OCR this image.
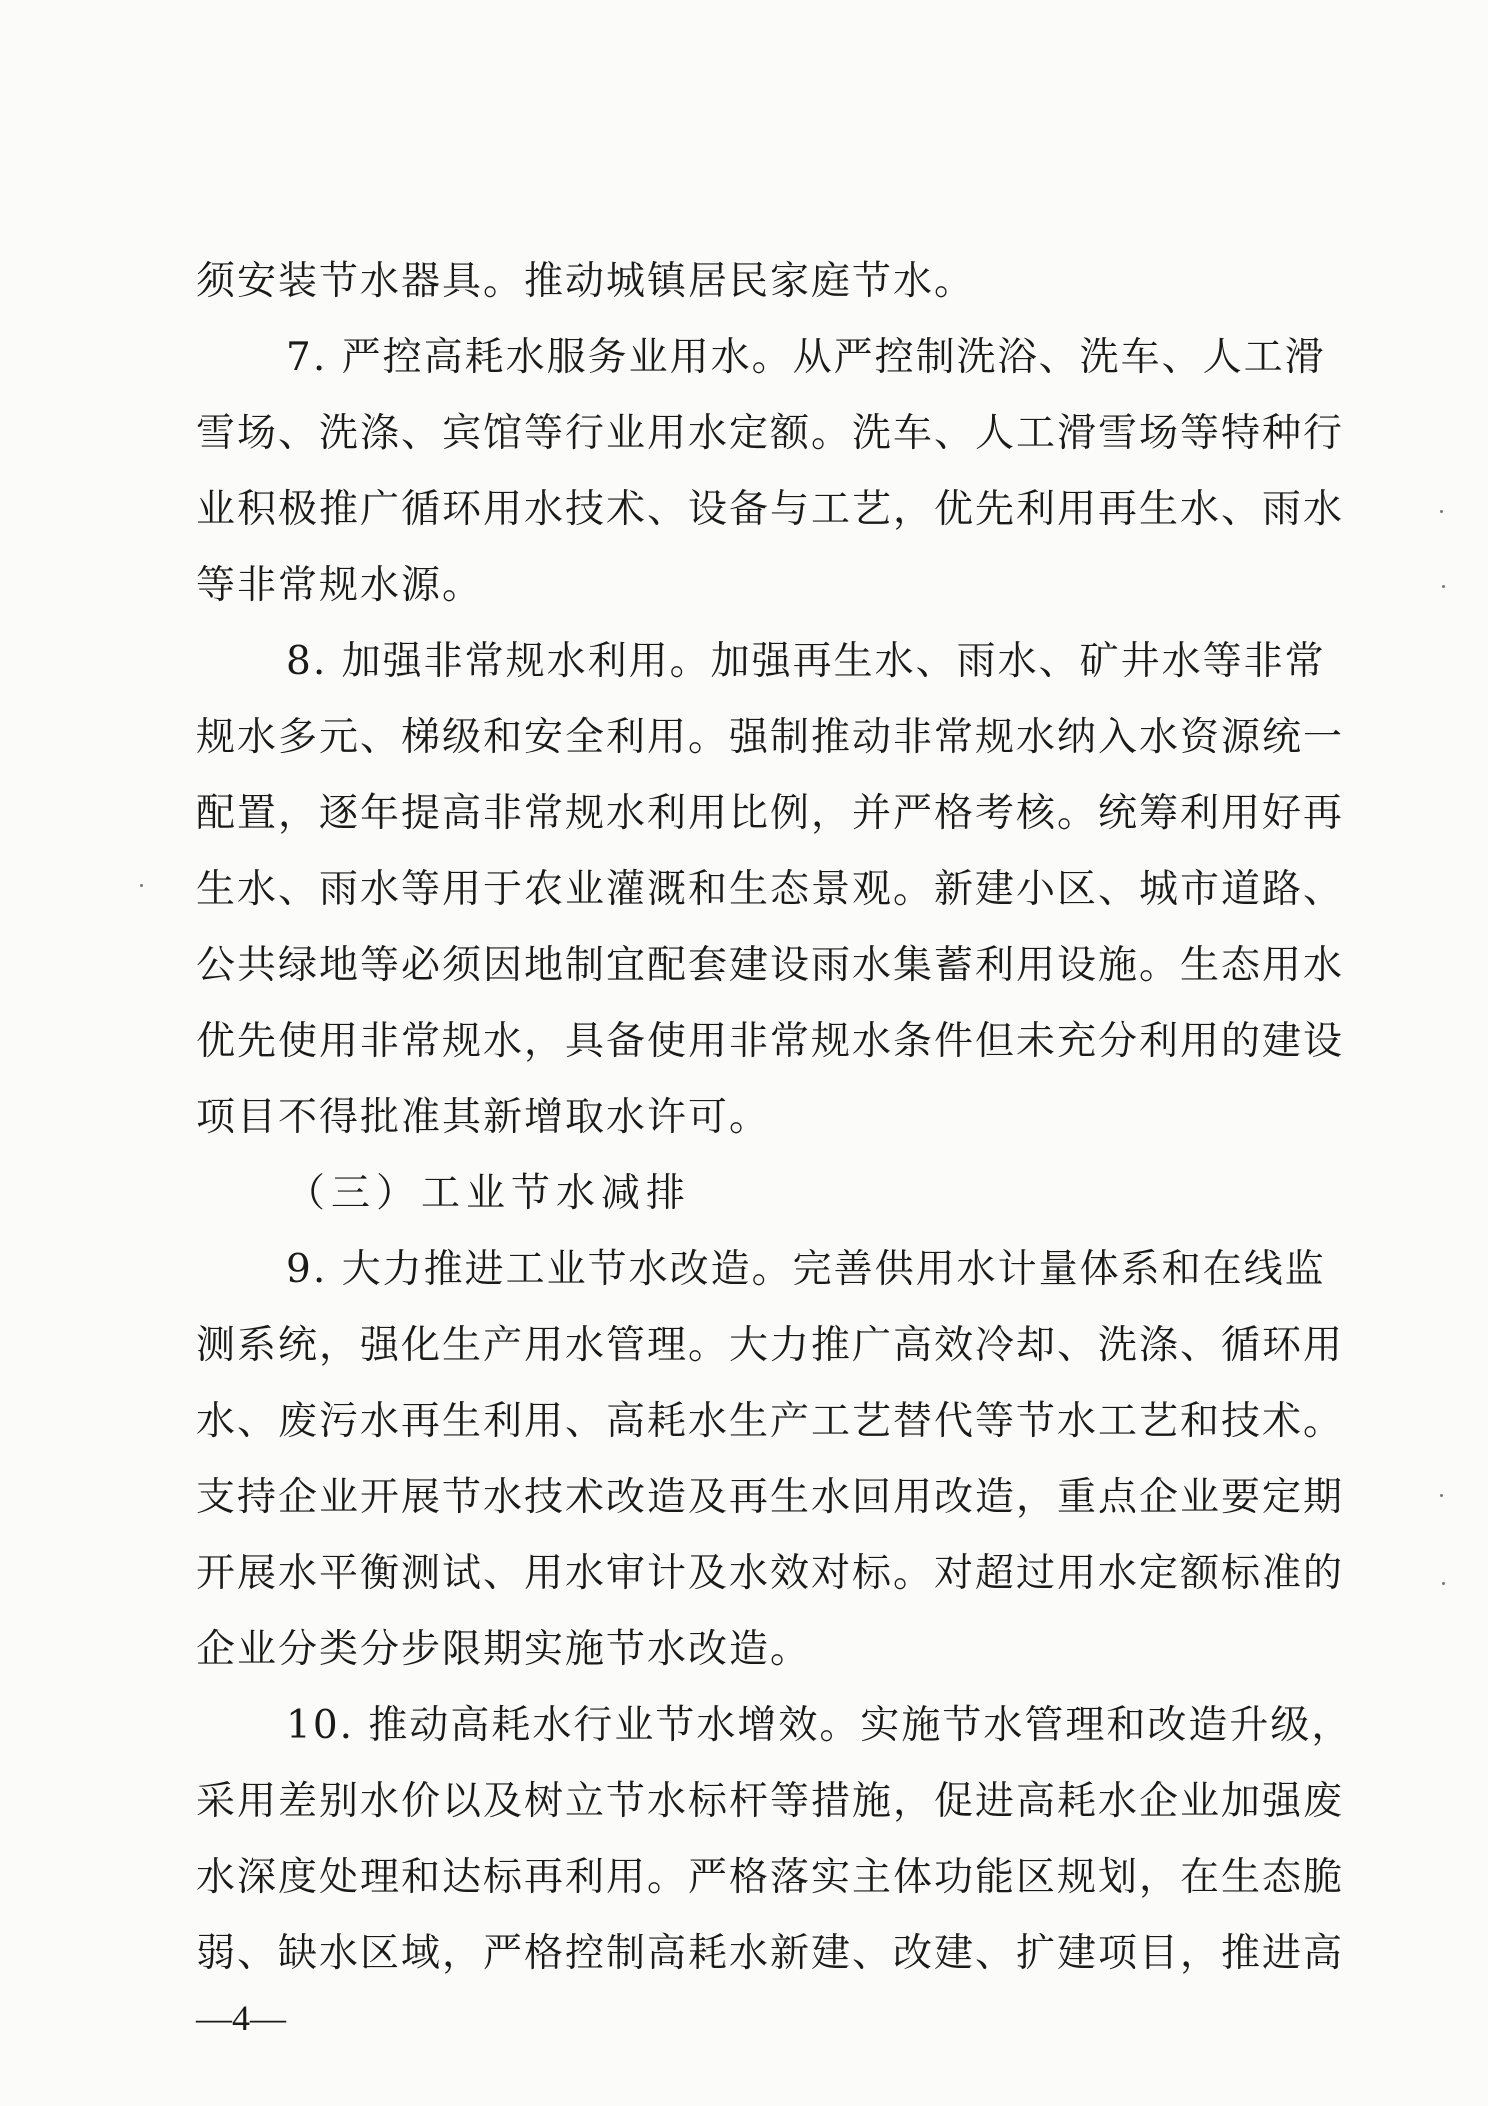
须安装节水器具。推动城镇居民家庭节水。
7. 严控高耗水服务业用水。从严控制洗浴、洗车、人工滑
雪场、洗涤、宾馆等行业用水定额。洗车、人工滑雪场等特种行
业积极推广循环用水技术、设备与工艺，优先利用再生水、雨水
等非常规水源。
8. 加强非常规水利用。加强再生水、雨水、矿井水等非常
规水多元、梯级和安全利用。强制推动非常规水纳入水资源统一
配置，逐年提高非常规水利用比例，并严格考核。统筹利用好再
生水、雨水等用于农业灌溉和生态景观。新建小区、城市道路、
公共绿地等必须因地制宜配套建设雨水集蓄利用设施。生态用水
优先使用非常规水，具备使用非常规水条件但未充分利用的建设
项目不得批准其新增取水许可。
（三）工业节水减排
9. 大力推进工业节水改造。完善供用水计量体系和在线监
测系统，强化生产用水管理。大力推广高效冷却、洗涤、循环用
水、废污水再生利用、高耗水生产工艺替代等节水工艺和技术。
支持企业开展节水技术改造及再生水回用改造，重点企业要定期
开展水平衡测试、用水审计及水效对标。对超过用水定额标准的
企业分类分步限期实施节水改造。
10. 推动高耗水行业节水增效。实施节水管理和改造升级，
采用差别水价以及树立节水标杆等措施，促进高耗水企业加强废
水深度处理和达标再利用。严格落实主体功能区规划，在生态脆
弱、缺水区域，严格控制高耗水新建、改建、扩建项目，推进高
—4—
